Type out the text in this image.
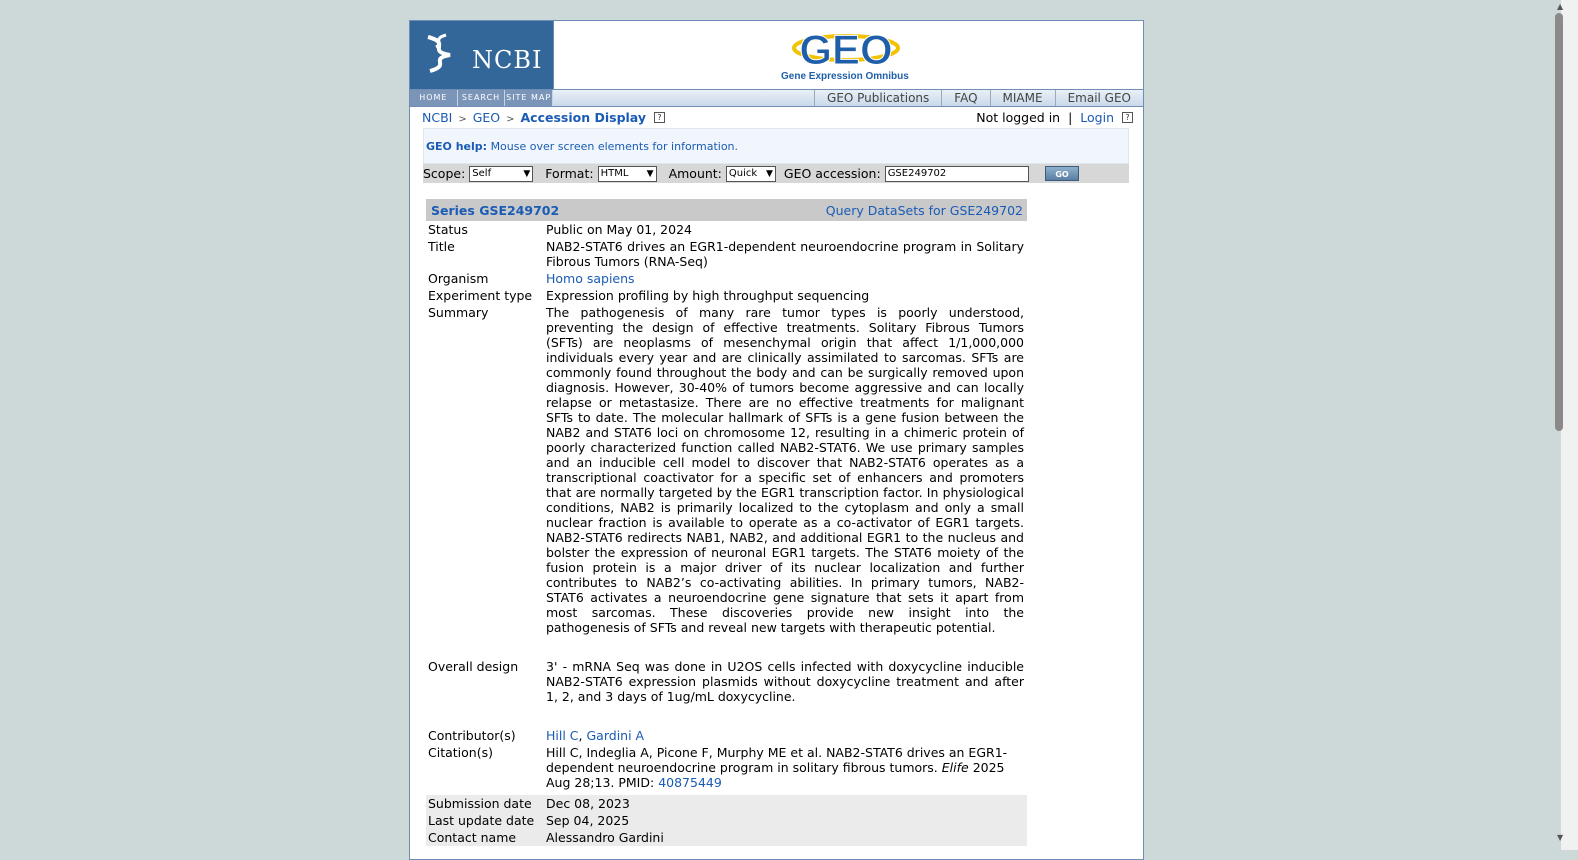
NCBI	GEO
Gene Expression Omnibus
HOME	SEARCH SITE MAP	GEO Publications	FAQ	MIAME	Email GEO
NCBI > GEO > Accession Display ?	Not logged in | Login ?
GEO help: Mouse over screen elements for information.
Scope: Self	▼ Format: HTML ▼ Amount: Quick ▼ GEO accession:
GSE249702	GO
Series GSE249702	Query DataSets for GSE249702
Status	Public on May 01, 2024
Title	NAB2-STAT6 drives an EGR1-dependent neuroendocrine program in Solitary Fibrous Tumors (RNA-Seq)
Organism	Homo sapiens
Experiment type	Expression profiling by high throughput sequencing
Summary	The pathogenesis of many rare tumor types is poorly understood, preventing the design of effective treatments. Solitary Fibrous Tumors (SFTs) are neoplasms of mesenchymal origin that affect 1/1,000,000 individuals every year and are clinically assimilated to sarcomas. SFTs are commonly found throughout the body and can be surgically removed upon diagnosis. However, 30-40% of tumors become aggressive and can locally relapse or metastasize. There are no effective treatments for malignant SFTs to date. The molecular hallmark of SFTs is a gene fusion between the NAB2 and STAT6 loci on chromosome 12, resulting in a chimeric protein of poorly characterized function called NAB2-STAT6. We use primary samples and an inducible cell model to discover that NAB2-STAT6 operates as a transcriptional coactivator for a specific set of enhancers and promoters that are normally targeted by the EGR1 transcription factor. In physiological conditions, NAB2 is primarily localized to the cytoplasm and only a small nuclear fraction is available to operate as a co-activator of EGR1 targets. NAB2-STAT6 redirects NAB1, NAB2, and additional EGR1 to the nucleus and bolster the expression of neuronal EGR1 targets. The STAT6 moiety of the fusion protein is a major driver of its nuclear localization and further contributes to NAB2’s co-activating abilities. In primary tumors, NAB2-STAT6 activates a neuroendocrine gene signature that sets it apart from most sarcomas. These discoveries provide new insight into the pathogenesis of SFTs and reveal new targets with therapeutic potential.
Overall design	3' - mRNA Seq was done in U2OS cells infected with doxycycline inducible NAB2-STAT6 expression plasmids without doxycycline treatment and after 1, 2, and 3 days of 1ug/mL doxycycline.
Contributor(s)	Hill C, Gardini A
Citation(s)	Hill C, Indeglia A, Picone F, Murphy ME et al. NAB2-STAT6 drives an EGR1-dependent neuroendocrine program in solitary fibrous tumors. Elife 2025 Aug 28;13. PMID: 40875449
Submission date	Dec 08, 2023
Last update date Sep 04, 2025
Contact name	Alessandro Gardini
▲
▼
